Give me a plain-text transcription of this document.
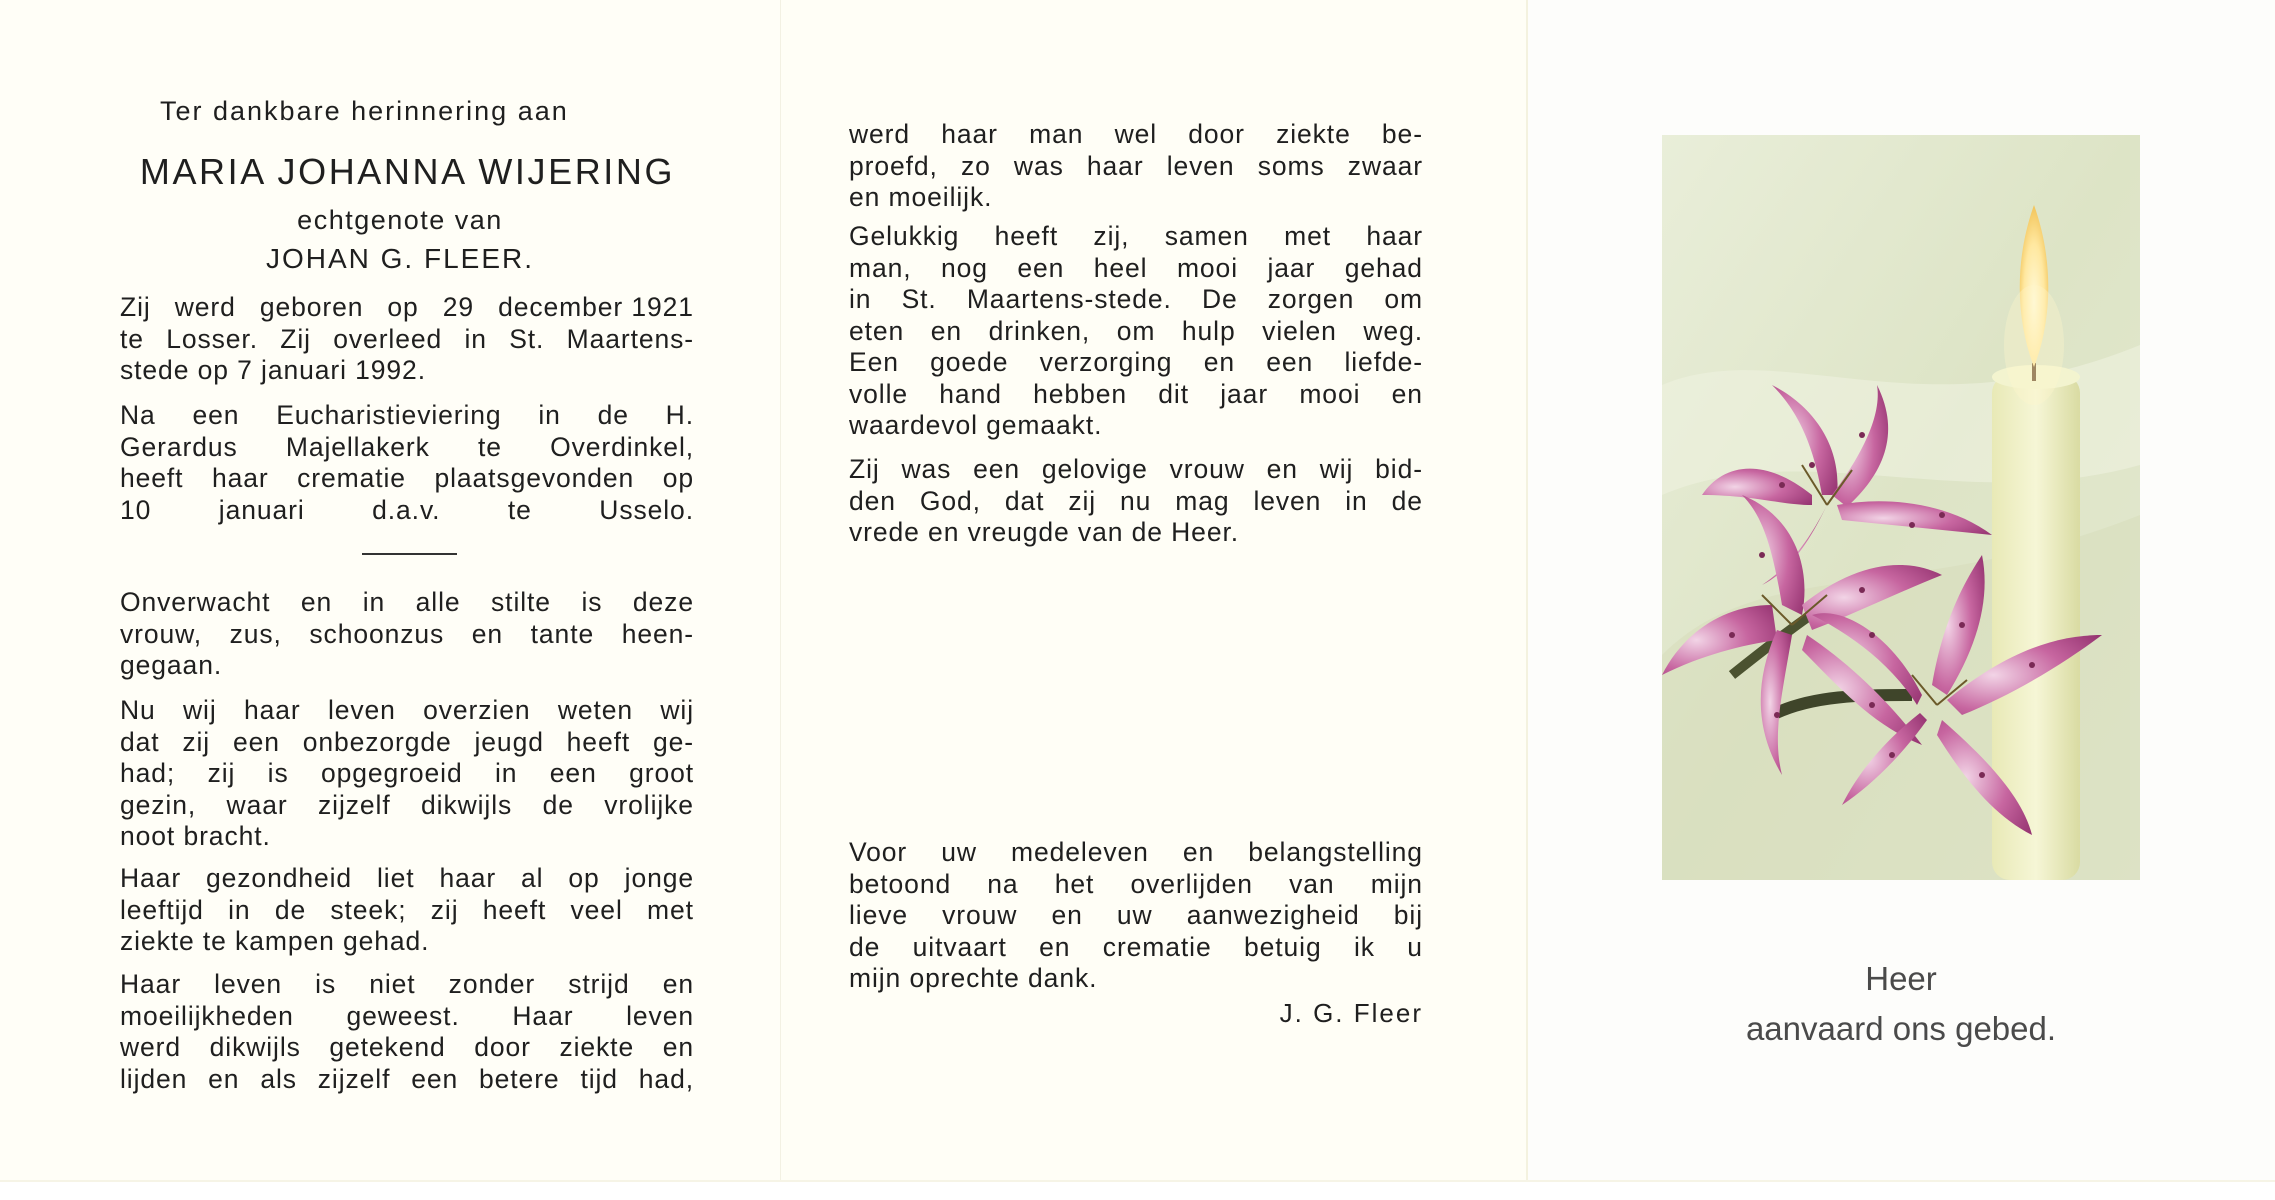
Ter dankbare herinnering aan
MARIA JOHANNA WIJERING
echtgenote van
JOHAN G. FLEER.
Zij werd geboren op 29 december 1921
te Losser. Zij overleed in St. Maartens-
stede op 7 januari 1992.
Na een Eucharistieviering in de H.
Gerardus Majellakerk te Overdinkel,
heeft haar crematie plaatsgevonden op
10	januari	d.a.v.	te	Usselo.
Onverwacht en in alle stilte is deze
vrouw, zus, schoonzus en tante heen-
gegaan.
Nu wij haar leven overzien weten wij
dat zij een onbezorgde jeugd heeft ge-
had; zij is opgegroeid in een groot
gezin, waar zijzelf dikwijls de vrolijke
noot bracht.
Haar gezondheid liet haar al op jonge
leeftijd in de steek; zij heeft veel met
ziekte te kampen gehad.
Haar leven is niet zonder strijd en
moeilijkheden geweest. Haar leven
werd dikwijls getekend door ziekte en
lijden en als zijzelf een betere tijd had,
werd haar man wel door ziekte be-
proefd, zo was haar leven soms zwaar
en moeilijk.
Gelukkig heeft zij, samen met haar
man, nog een heel mooi jaar gehad
in St. Maartens-stede. De zorgen om
eten en drinken, om hulp vielen weg.
Een goede verzorging en een liefde-
volle hand hebben dit jaar mooi en
waardevol gemaakt.
Zij was een gelovige vrouw en wij bid-
den God, dat zij nu mag leven in de
vrede en vreugde van de Heer.
Voor uw medeleven en belangstelling
betoond na het overlijden van mijn
lieve vrouw en uw aanwezigheid bij
de uitvaart en crematie betuig ik u
mijn oprechte dank.
J. G. Fleer
Heer
aanvaard ons gebed.
